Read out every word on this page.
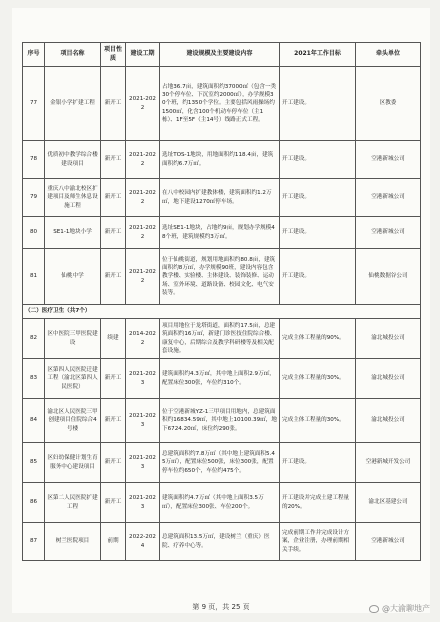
序号	项目名称	项目性质	建设工期	建设规模及主要建设内容	2021年工作目标	牵头单位
77	金银小学扩建工程	新开工	2021-2022	占地36.7亩，建筑面积约37000㎡（包含一类30个停车位、下沉室约2000㎡），办学规模30个班，约1350个学位。主要包括风雨操场约1500㎡，化含100个机动车停车位（主1栋）、1F至5F（主14号）线路正式工程。	开工建设。	区教委
78	优质初中教学综合楼建设项目	新开工	2021-2022	选址TOS-1地块，用地面积约118.4亩，建筑面积约6.7万㎡。	开工建设。	空港新城公司
79	重庆八中渝北校区扩建项目及师生休息设施工程	新开工	2021-2022	在八中校园内扩建教体楼，建筑面积约1.2万㎡，地下建设1270㎡停车场。	开工建设。	空港新城公司
80	SE1-1地块小学	新开工	2021-2022	选址SE1-1地块，占地约9亩，规划办学规模48个班，建筑规模约3万㎡。	开工建设。	空港新城公司
81	仙桃中学	新开工	2021-2022	位于仙桃街道，规划用地面积约80.8亩，建筑面积约8万㎡，办学规模90班，建设内容包含教学楼、实验楼、主体建设、装饰装修、运动场、室外环境、道路设备、校园文化、电气安装等。	开工建设。	仙桃数据谷公司
（二）医疗卫生（共7个）						
82	区中医院三甲医院建设	续建	2014-2022	项目用地位于龙塔街道，面积约17.5亩，总建筑面积约16万㎡，新建门诊医技住院综合楼、康复中心，后期综合及教学科研楼等及相关配套设施。	完成主体工程量的90%。	渝北城投公司
83	区第四人民医院迁建工程（渝北区第四人民医院）	新开工	2021-2023	建筑面积约4.3万㎡，其中地上面积2.9万㎡，配置床位300张，车位约310个。	完成主体工程量的30%。	渝北城投公司
84	渝北区人民医院三甲创建项目住院综合4号楼	新开工	2021-2023	位于空港新城YZ-1三甲项目用地内，总建筑面积约16834.59㎡，其中地上10100.39㎡，地下6724.20㎡，床位约290张。	完成主体工程量的30%。	渝北城投公司
85	区妇幼保健计划生育服务中心建设项目	新开工	2021-2023	总建筑面积约7.8万㎡（其中地上建筑面积5.45万㎡），配置床位500张，床位300张，配置停车位约650个，车位约475个。	开工建设。	空港新城开发公司
86	区第二人民医院扩建工程	新开工	2021-2023	建筑面积约4.7万㎡（其中地上面积3.5万㎡），配置床位300张、车位200个。	开工建设并完成土建工程量的20%。	渝北区基建公司
87	树兰医院项目	前期	2022-2024	总建筑面积13.5万㎡，建设树兰（重庆）医院、疗养中心等。	完成前期工作并完成设计方案，企业注册，办理前期相关手续。	空港新城公司
第 9 页，共 25 页	@大渝聊地产
